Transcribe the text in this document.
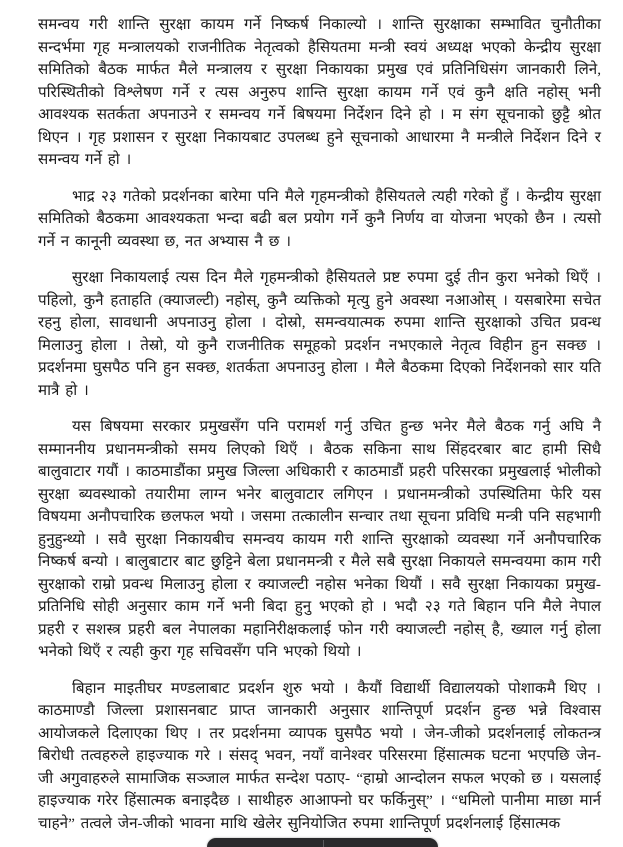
समन्वय गरी शान्ति सुरक्षा कायम गर्ने निष्कर्ष निकाल्यो । शान्ति सुरक्षाका सम्भावित चुनौतीका सन्दर्भमा गृह मन्त्रालयको राजनीतिक नेतृत्वको हैसियतमा मन्त्री स्वयं अध्यक्ष भएको केन्द्रीय सुरक्षा समितिको बैठक मार्फत मैले मन्त्रालय र सुरक्षा निकायका प्रमुख एवं प्रतिनिधिसंग जानकारी लिने, परिस्थितीको विश्लेषण गर्ने र त्यस अनुरुप शान्ति सुरक्षा कायम गर्ने एवं कुनै क्षति नहोस् भनी आवश्यक सतर्कता अपनाउने र समन्वय गर्ने बिषयमा निर्देशन दिने हो । म संग सूचनाको छुट्टै श्रोत थिएन । गृह प्रशासन र सुरक्षा निकायबाट उपलब्ध हुने सूचनाको आधारमा नै मन्त्रीले निर्देशन दिने र समन्वय गर्ने हो ।

भाद्र २३ गतेको प्रदर्शनका बारेमा पनि मैले गृहमन्त्रीको हैसियतले त्यही गरेको हुँ । केन्द्रीय सुरक्षा समितिको बैठकमा आवश्यकता भन्दा बढी बल प्रयोग गर्ने कुनै निर्णय वा योजना भएको छैन । त्यसो गर्ने न कानूनी व्यवस्था छ, नत अभ्यास नै छ ।

सुरक्षा निकायलाई त्यस दिन मैले गृहमन्त्रीको हैसियतले प्रष्ट रुपमा दुई तीन कुरा भनेको थिएँ । पहिलो, कुनै हताहति (क्याजल्टी) नहोस्, कुनै व्यक्तिको मृत्यु हुने अवस्था नआओस् । यसबारेमा सचेत रहनु होला, सावधानी अपनाउनु होला । दोस्रो, समन्वयात्मक रुपमा शान्ति सुरक्षाको उचित प्रवन्ध मिलाउनु होला । तेस्रो, यो कुनै राजनीतिक समूहको प्रदर्शन नभएकाले नेतृत्व विहीन हुन सक्छ । प्रदर्शनमा घुसपैठ पनि हुन सक्छ, शतर्कता अपनाउनु होला । मैले बैठकमा दिएको निर्देशनको सार यति मात्रै हो ।

यस बिषयमा सरकार प्रमुखसँग पनि परामर्श गर्नु उचित हुन्छ भनेर मैले बैठक गर्नु अघि नै सम्माननीय प्रधानमन्त्रीको समय लिएको थिएँ । बैठक सकिना साथ सिंहदरबार बाट हामी सिधै बालुवाटार गयौं । काठमाडौंका प्रमुख जिल्ला अधिकारी र काठमाडौं प्रहरी परिसरका प्रमुखलाई भोलीको सुरक्षा ब्यवस्थाको तयारीमा लाग्न भनेर बालुवाटार लगिएन । प्रधानमन्त्रीको उपस्थितिमा फेरि यस विषयमा अनौपचारिक छलफल भयो । जसमा तत्कालीन सन्चार तथा सूचना प्रविधि मन्त्री पनि सहभागी हुनुहुन्थ्यो । सवै सुरक्षा निकायबीच समन्वय कायम गरी शान्ति सुरक्षाको व्यवस्था गर्ने अनौपचारिक निष्कर्ष बन्यो । बालुबाटार बाट छुट्टिने बेला प्रधानमन्त्री र मैले सबै सुरक्षा निकायले समन्वयमा काम गरी सुरक्षाको राम्रो प्रवन्ध मिलाउनु होला र क्याजल्टी नहोस भनेका थियौं । सवै सुरक्षा निकायका प्रमुख-प्रतिनिधि सोही अनुसार काम गर्ने भनी बिदा हुनु भएको हो । भदौ २३ गते बिहान पनि मैले नेपाल प्रहरी र सशस्त्र प्रहरी बल नेपालका महानिरीक्षकलाई फोन गरी क्याजल्टी नहोस् है, ख्याल गर्नु होला भनेको थिएँ र त्यही कुरा गृह सचिवसँग पनि भएको थियो ।

बिहान माइतीघर मण्डलाबाट प्रदर्शन शुरु भयो । कैयौं विद्यार्थी विद्यालयको पोशाकमै थिए । काठमाण्डौ जिल्ला प्रशासनबाट प्राप्त जानकारी अनुसार शान्तिपूर्ण प्रदर्शन हुन्छ भन्ने विश्वास आयोजकले दिलाएका थिए । तर प्रदर्शनमा व्यापक घुसपैठ भयो । जेन-जीको प्रदर्शनलाई लोकतन्त्र बिरोधी तत्वहरुले हाइज्याक गरे । संसद् भवन, नयाँ वानेश्वर परिसरमा हिंसात्मक घटना भएपछि जेन-जी अगुवाहरुले सामाजिक सञ्जाल मार्फत सन्देश पठाए- “हाम्रो आन्दोलन सफल भएको छ । यसलाई हाइज्याक गरेर हिंसात्मक बनाइदैछ । साथीहरु आआफ्नो घर फर्किनुस्” । “धमिलो पानीमा माछा मार्न चाहने” तत्वले जेन-जीको भावना माथि खेलेर सुनियोजित रुपमा शान्तिपूर्ण प्रदर्शनलाई हिंसात्मक
